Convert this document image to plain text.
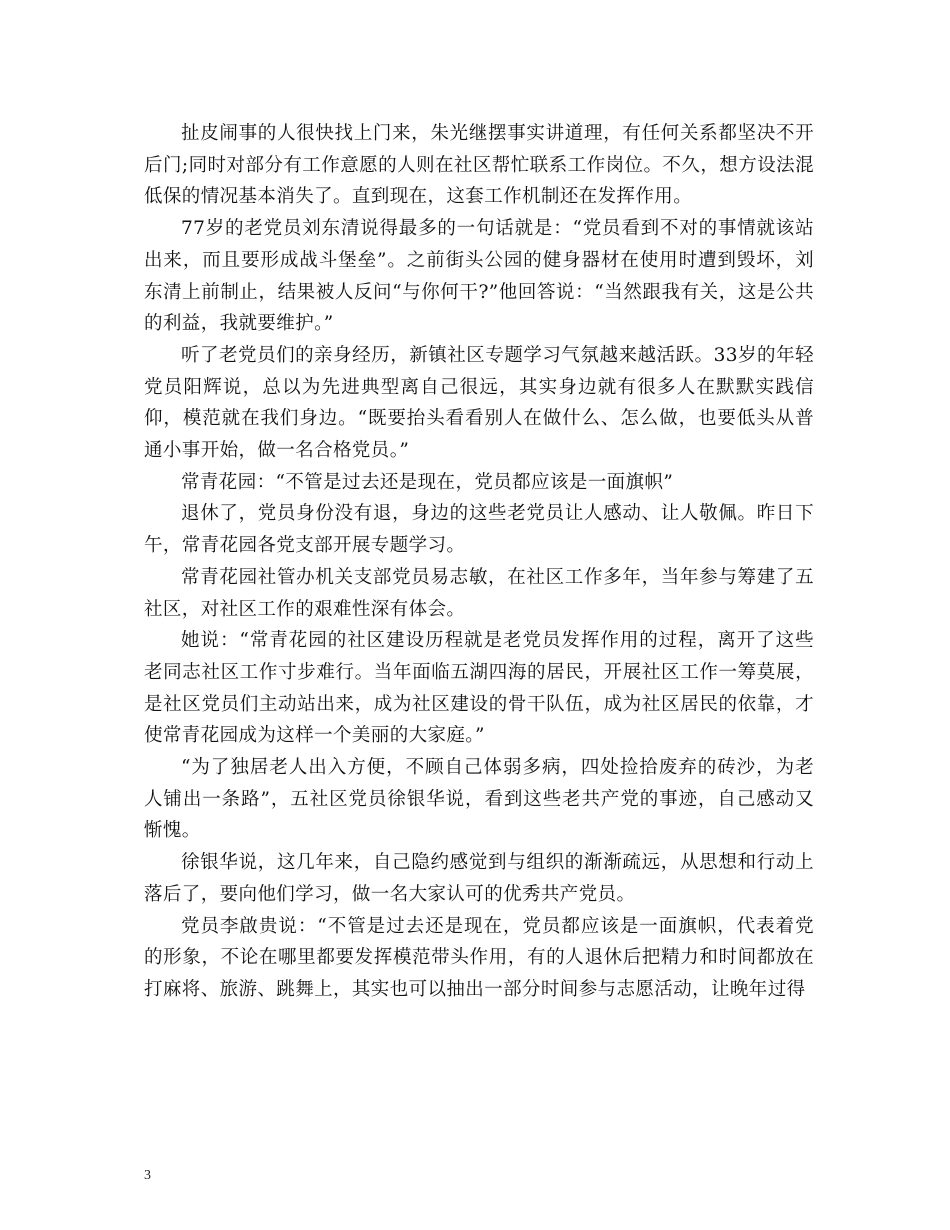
扯皮闹事的人很快找上门来，朱光继摆事实讲道理，有任何关系都坚决不开后门;同时对部分有工作意愿的人则在社区帮忙联系工作岗位。不久，想方设法混低保的情况基本消失了。直到现在，这套工作机制还在发挥作用。

77岁的老党员刘东清说得最多的一句话就是：“党员看到不对的事情就该站出来，而且要形成战斗堡垒”。之前街头公园的健身器材在使用时遭到毁坏，刘东清上前制止，结果被人反问“与你何干?”他回答说：“当然跟我有关，这是公共的利益，我就要维护。”

听了老党员们的亲身经历，新镇社区专题学习气氛越来越活跃。33岁的年轻党员阳辉说，总以为先进典型离自己很远，其实身边就有很多人在默默实践信仰，模范就在我们身边。“既要抬头看看别人在做什么、怎么做，也要低头从普通小事开始，做一名合格党员。”

常青花园：“不管是过去还是现在，党员都应该是一面旗帜”

退休了，党员身份没有退，身边的这些老党员让人感动、让人敬佩。昨日下午，常青花园各党支部开展专题学习。

常青花园社管办机关支部党员易志敏，在社区工作多年，当年参与筹建了五社区，对社区工作的艰难性深有体会。

她说：“常青花园的社区建设历程就是老党员发挥作用的过程，离开了这些老同志社区工作寸步难行。当年面临五湖四海的居民，开展社区工作一筹莫展，是社区党员们主动站出来，成为社区建设的骨干队伍，成为社区居民的依靠，才使常青花园成为这样一个美丽的大家庭。”

“为了独居老人出入方便，不顾自己体弱多病，四处捡拾废弃的砖沙，为老人铺出一条路”，五社区党员徐银华说，看到这些老共产党的事迹，自己感动又惭愧。

徐银华说，这几年来，自己隐约感觉到与组织的渐渐疏远，从思想和行动上落后了，要向他们学习，做一名大家认可的优秀共产党员。

党员李啟贵说：“不管是过去还是现在，党员都应该是一面旗帜，代表着党的形象，不论在哪里都要发挥模范带头作用，有的人退休后把精力和时间都放在打麻将、旅游、跳舞上，其实也可以抽出一部分时间参与志愿活动，让晚年过得

3
